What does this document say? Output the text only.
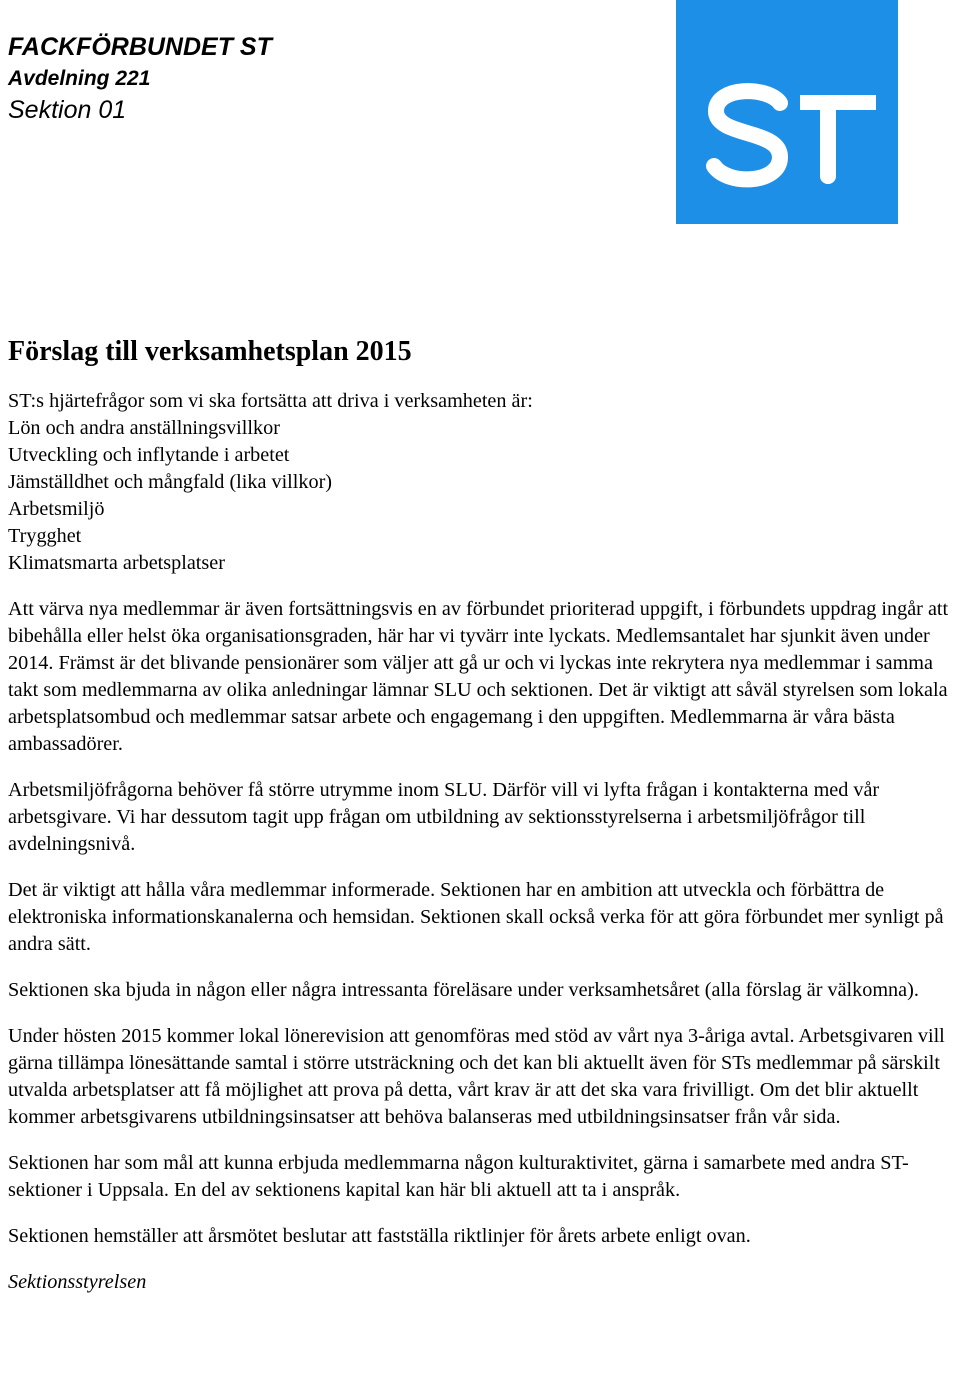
FACKFÖRBUNDET ST
Avdelning 221
Sektion 01
Förslag till verksamhetsplan 2015
ST:s hjärtefrågor som vi ska fortsätta att driva i verksamheten är:
Lön och andra anställningsvillkor
Utveckling och inflytande i arbetet
Jämställdhet och mångfald (lika villkor)
Arbetsmiljö
Trygghet
Klimatsmarta arbetsplatser

Att värva nya medlemmar är även fortsättningsvis en av förbundet prioriterad uppgift, i förbundets uppdrag ingår att bibehålla eller helst öka organisationsgraden, här har vi tyvärr inte lyckats. Medlemsantalet har sjunkit även under 2014. Främst är det blivande pensionärer som väljer att gå ur och vi lyckas inte rekrytera nya medlemmar i samma takt som medlemmarna av olika anledningar lämnar SLU och sektionen. Det är viktigt att såväl styrelsen som lokala arbetsplatsombud och medlemmar satsar arbete och engagemang i den uppgiften. Medlemmarna är våra bästa ambassadörer.

Arbetsmiljöfrågorna behöver få större utrymme inom SLU. Därför vill vi lyfta frågan i kontakterna med vår arbetsgivare. Vi har dessutom tagit upp frågan om utbildning av sektionsstyrelserna i arbetsmiljöfrågor till avdelningsnivå.

Det är viktigt att hålla våra medlemmar informerade. Sektionen har en ambition att utveckla och förbättra de elektroniska informationskanalerna och hemsidan. Sektionen skall också verka för att göra förbundet mer synligt på andra sätt.

Sektionen ska bjuda in någon eller några intressanta föreläsare under verksamhetsåret (alla förslag är välkomna).

Under hösten 2015 kommer lokal lönerevision att genomföras med stöd av vårt nya 3-åriga avtal. Arbetsgivaren vill gärna tillämpa lönesättande samtal i större utsträckning och det kan bli aktuellt även för STs medlemmar på särskilt utvalda arbetsplatser att få möjlighet att prova på detta, vårt krav är att det ska vara frivilligt. Om det blir aktuellt kommer arbetsgivarens utbildningsinsatser att behöva balanseras med utbildningsinsatser från vår sida.

Sektionen har som mål att kunna erbjuda medlemmarna någon kulturaktivitet, gärna i samarbete med andra ST-sektioner i Uppsala. En del av sektionens kapital kan här bli aktuell att ta i anspråk.

Sektionen hemställer att årsmötet beslutar att fastställa riktlinjer för årets arbete enligt ovan.

Sektionsstyrelsen
